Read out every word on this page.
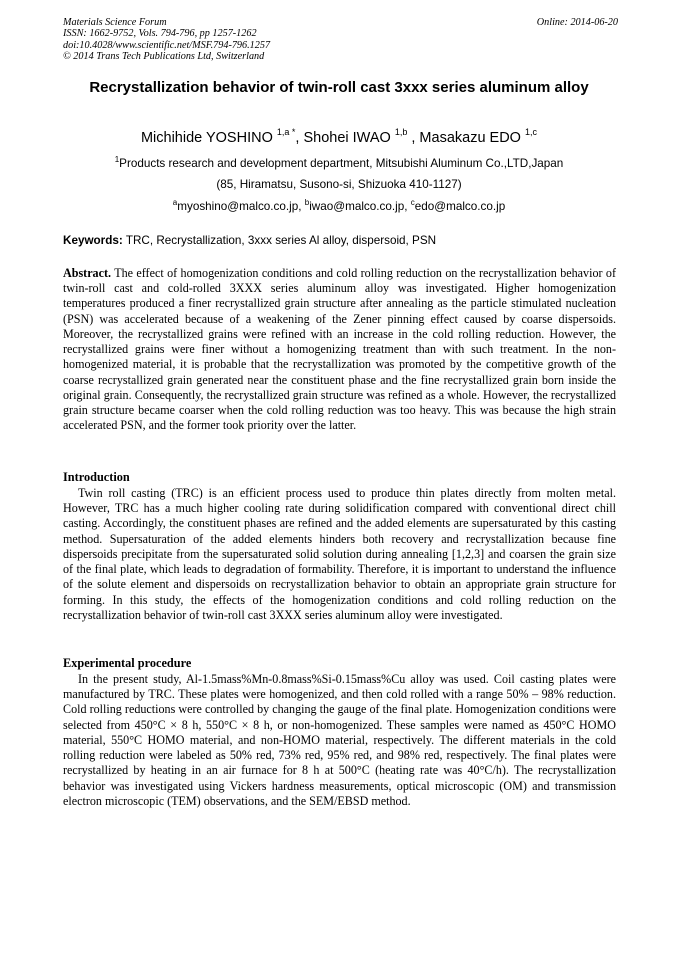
Materials Science Forum
ISSN: 1662-9752, Vols. 794-796, pp 1257-1262
doi:10.4028/www.scientific.net/MSF.794-796.1257
© 2014 Trans Tech Publications Ltd, Switzerland
Online: 2014-06-20
Recrystallization behavior of twin-roll cast 3xxx series aluminum alloy
Michihide YOSHINO $^{1,a *}$, Shohei IWAO $^{1,b}$ , Masakazu EDO $^{1,c}$
$^1$Products research and development department, Mitsubishi Aluminum Co.,LTD,Japan
(85, Hiramatsu, Susono-si, Shizuoka 410-1127)
$^a$myoshino@malco.co.jp, $^b$iwao@malco.co.jp, $^c$edo@malco.co.jp
Keywords: TRC, Recrystallization, 3xxx series Al alloy, dispersoid, PSN
Abstract. The effect of homogenization conditions and cold rolling reduction on the recrystallization behavior of twin-roll cast and cold-rolled 3XXX series aluminum alloy was investigated. Higher homogenization temperatures produced a finer recrystallized grain structure after annealing as the particle stimulated nucleation (PSN) was accelerated because of a weakening of the Zener pinning effect caused by coarse dispersoids. Moreover, the recrystallized grains were refined with an increase in the cold rolling reduction. However, the recrystallized grains were finer without a homogenizing treatment than with such treatment. In the non-homogenized material, it is probable that the recrystallization was promoted by the competitive growth of the coarse recrystallized grain generated near the constituent phase and the fine recrystallized grain born inside the original grain. Consequently, the recrystallized grain structure was refined as a whole. However, the recrystallized grain structure became coarser when the cold rolling reduction was too heavy. This was because the high strain accelerated PSN, and the former took priority over the latter.
Introduction
Twin roll casting (TRC) is an efficient process used to produce thin plates directly from molten metal. However, TRC has a much higher cooling rate during solidification compared with conventional direct chill casting. Accordingly, the constituent phases are refined and the added elements are supersaturated by this casting method. Supersaturation of the added elements hinders both recovery and recrystallization because fine dispersoids precipitate from the supersaturated solid solution during annealing [1,2,3] and coarsen the grain size of the final plate, which leads to degradation of formability. Therefore, it is important to understand the influence of the solute element and dispersoids on recrystallization behavior to obtain an appropriate grain structure for forming. In this study, the effects of the homogenization conditions and cold rolling reduction on the recrystallization behavior of twin-roll cast 3XXX series aluminum alloy were investigated.
Experimental procedure
In the present study, Al-1.5mass%Mn-0.8mass%Si-0.15mass%Cu alloy was used. Coil casting plates were manufactured by TRC. These plates were homogenized, and then cold rolled with a range 50% – 98% reduction. Cold rolling reductions were controlled by changing the gauge of the final plate. Homogenization conditions were selected from 450°C × 8 h, 550°C × 8 h, or non-homogenized. These samples were named as 450°C HOMO material, 550°C HOMO material, and non-HOMO material, respectively. The different materials in the cold rolling reduction were labeled as 50% red, 73% red, 95% red, and 98% red, respectively. The final plates were recrystallized by heating in an air furnace for 8 h at 500°C (heating rate was 40°C/h). The recrystallization behavior was investigated using Vickers hardness measurements, optical microscopic (OM) and transmission electron microscopic (TEM) observations, and the SEM/EBSD method.
